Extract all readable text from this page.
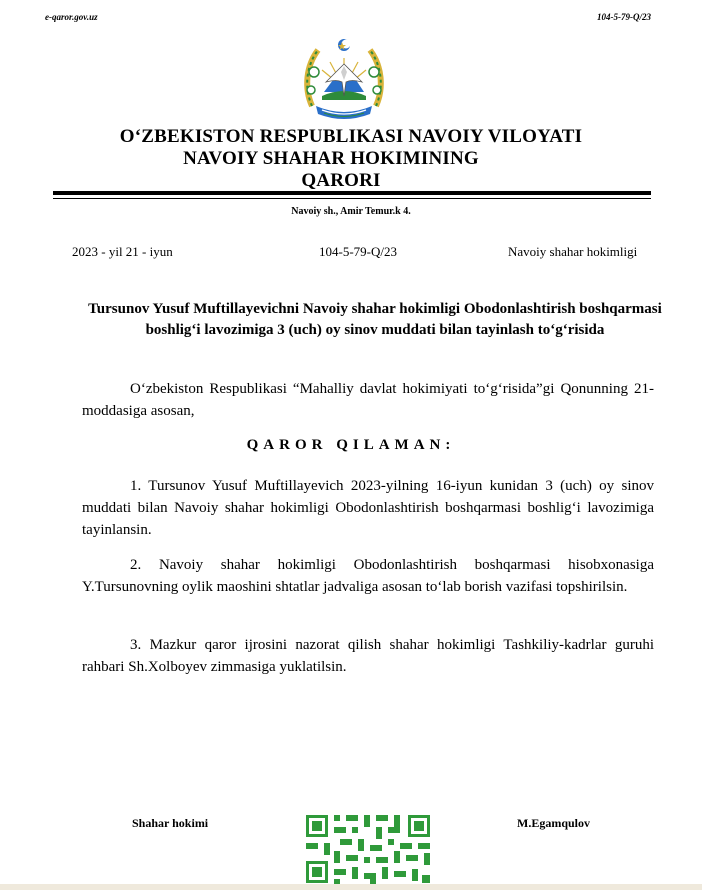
e-qaror.gov.uz	104-5-79-Q/23
O‘ZBEKISTON RESPUBLIKASI NAVOIY VILOYATI
NAVOIY SHAHAR HOKIMINING
QARORI
Navoiy sh., Amir Temur.k 4.
2023 - yil 21 - iyun	104-5-79-Q/23	Navoiy shahar hokimligi
Tursunov Yusuf Muftillayevichni Navoiy shahar hokimligi Obodonlashtirish boshqarmasi boshlig‘i lavozimiga 3 (uch) oy sinov muddati bilan tayinlash to‘g‘risida
O‘zbekiston Respublikasi “Mahalliy davlat hokimiyati to‘g‘risida”gi Qonunning 21-moddasiga asosan,
QAROR QILAMAN:
1. Tursunov Yusuf Muftillayevich 2023-yilning 16-iyun kunidan 3 (uch) oy sinov muddati bilan Navoiy shahar hokimligi Obodonlashtirish boshqarmasi boshlig‘i lavozimiga tayinlansin.
2. Navoiy shahar hokimligi Obodonlashtirish boshqarmasi hisobxonasiga Y.Tursunovning oylik maoshini shtatlar jadvaliga asosan to‘lab borish vazifasi topshirilsin.
3. Mazkur qaror ijrosini nazorat qilish shahar hokimligi Tashkiliy-kadrlar guruhi rahbari Sh.Xolboyev zimmasiga yuklatilsin.
Shahar hokimi	M.Egamqulov
